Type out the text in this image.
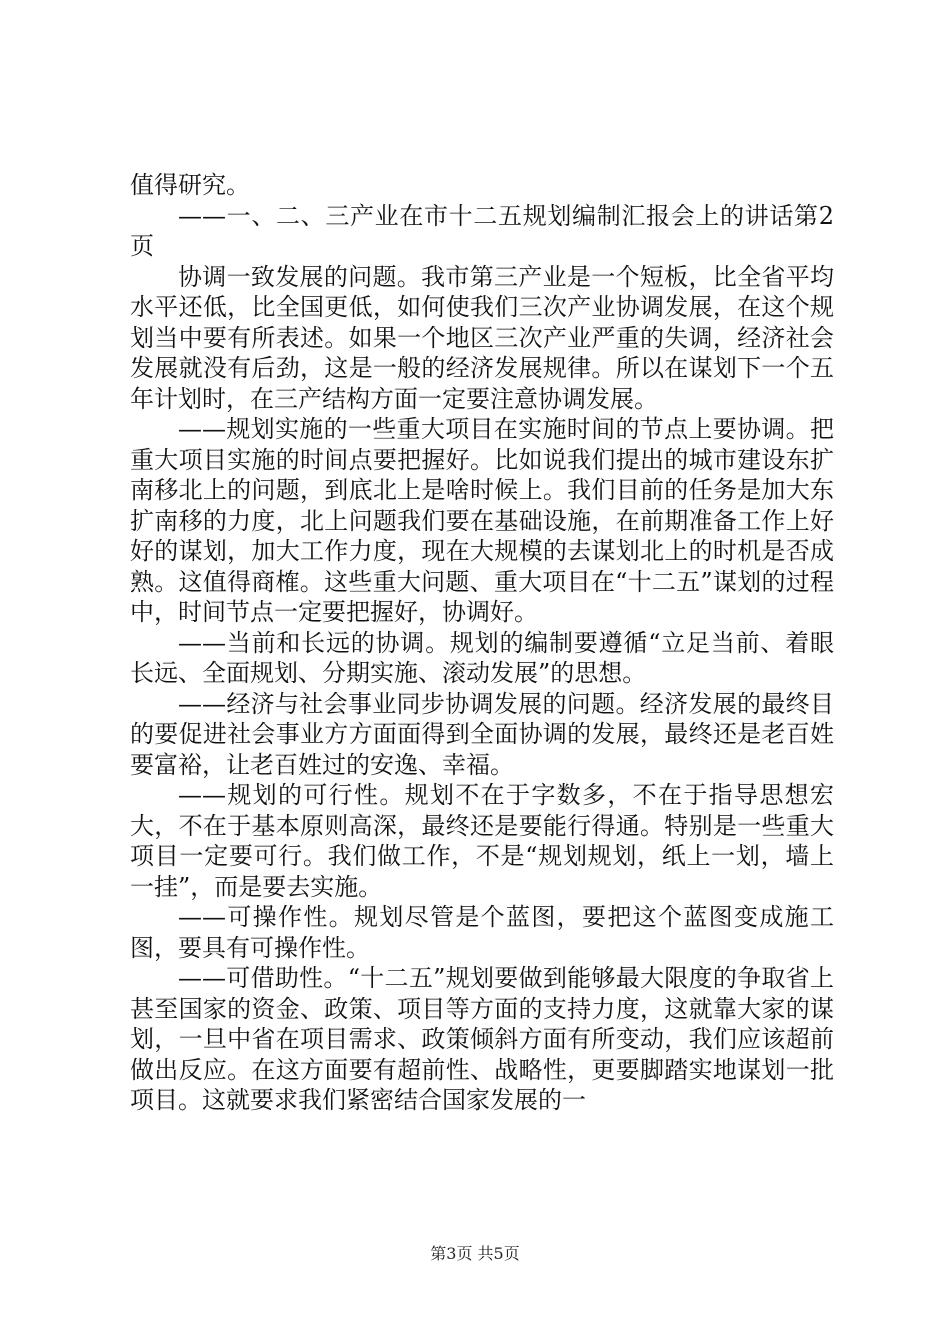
值得研究。

——一、二、三产业在市十二五规划编制汇报会上的讲话第2页

协调一致发展的问题。我市第三产业是一个短板，比全省平均水平还低，比全国更低，如何使我们三次产业协调发展，在这个规划当中要有所表述。如果一个地区三次产业严重的失调，经济社会发展就没有后劲，这是一般的经济发展规律。所以在谋划下一个五年计划时，在三产结构方面一定要注意协调发展。

——规划实施的一些重大项目在实施时间的节点上要协调。把重大项目实施的时间点要把握好。比如说我们提出的城市建设东扩南移北上的问题，到底北上是啥时候上。我们目前的任务是加大东扩南移的力度，北上问题我们要在基础设施，在前期准备工作上好好的谋划，加大工作力度，现在大规模的去谋划北上的时机是否成熟。这值得商榷。这些重大问题、重大项目在“十二五”谋划的过程中，时间节点一定要把握好，协调好。

——当前和长远的协调。规划的编制要遵循“立足当前、着眼长远、全面规划、分期实施、滚动发展”的思想。

——经济与社会事业同步协调发展的问题。经济发展的最终目的要促进社会事业方方面面得到全面协调的发展，最终还是老百姓要富裕，让老百姓过的安逸、幸福。

——规划的可行性。规划不在于字数多，不在于指导思想宏大，不在于基本原则高深，最终还是要能行得通。特别是一些重大项目一定要可行。我们做工作，不是“规划规划，纸上一划，墙上一挂”，而是要去实施。

——可操作性。规划尽管是个蓝图，要把这个蓝图变成施工图，要具有可操作性。

——可借助性。“十二五”规划要做到能够最大限度的争取省上甚至国家的资金、政策、项目等方面的支持力度，这就靠大家的谋划，一旦中省在项目需求、政策倾斜方面有所变动，我们应该超前做出反应。在这方面要有超前性、战略性，更要脚踏实地谋划一批项目。这就要求我们紧密结合国家发展的一

第3页 共5页
